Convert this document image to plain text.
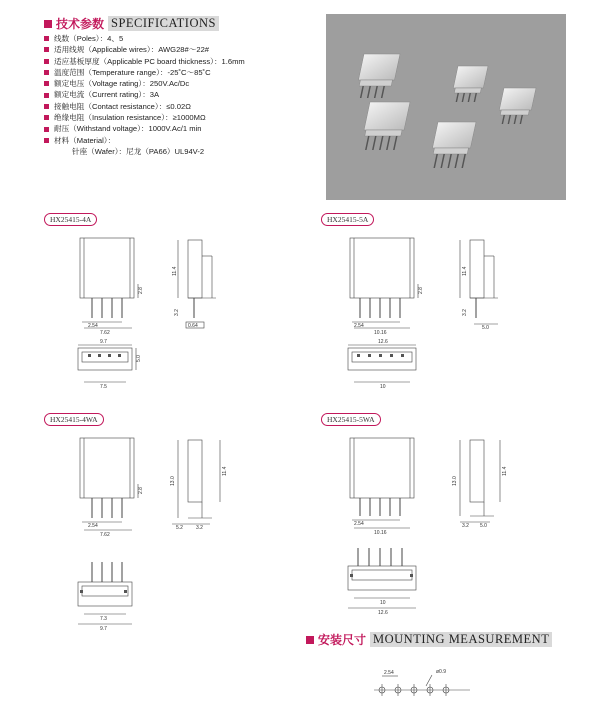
技术参数 SPECIFICATIONS
线数（Poles）：4、5
适用线规（Applicable wires）：AWG28#～22#
适应基板厚度（Applicable PC board thickness）：1.6mm
温度范围（Temperature range）：-25˚C～85˚C
额定电压（Voltage rating）：250V.Ac/Dc
额定电流（Current rating）：3A
接触电阻（Contact resistance）：≤0.02Ω
绝缘电阻（Insulation resistance）：≥1000MΩ
耐压（Withstand voltage）：1000V.Ac/1 min
材料（Material）：
针座（Wafer）：尼龙（PA66）UL94V-2
HX25415-4A	HX25415-5A
HX25415-4WA	HX25415-5WA
2.54
7.62
2.8
11.4
3.2
0.64
9.7
5.0
7.5
2.54
10.16
2.8
11.4
3.2
5.0
12.6
10
2.54
7.62
2.8
13.0
11.4
5.2	3.2
7.3
9.7
2.54
10.16
13.0
11.4
3.2 5.0
10
12.6
安装尺寸 MOUNTING MEASUREMENT
2.54	ø0.9
